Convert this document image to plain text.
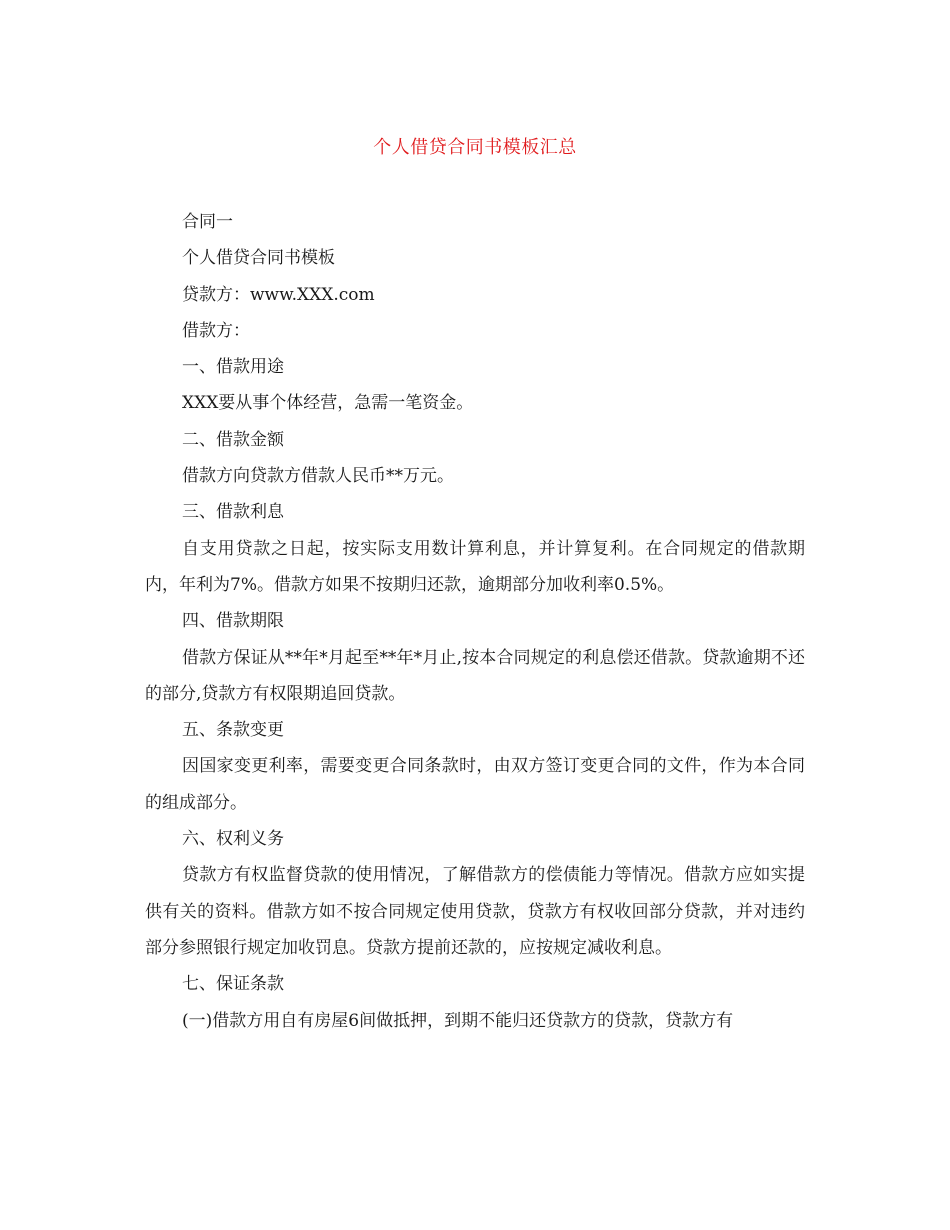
个人借贷合同书模板汇总

合同一

个人借贷合同书模板

贷款方：www.XXX.com

借款方：

一、借款用途

XXX要从事个体经营，急需一笔资金。

二、借款金额

借款方向贷款方借款人民币**万元。

三、借款利息

自支用贷款之日起，按实际支用数计算利息，并计算复利。在合同规定的借款期内，年利为7%。借款方如果不按期归还款，逾期部分加收利率0.5%。

四、借款期限

借款方保证从**年*月起至**年*月止,按本合同规定的利息偿还借款。贷款逾期不还的部分,贷款方有权限期追回贷款。

五、条款变更

因国家变更利率，需要变更合同条款时，由双方签订变更合同的文件，作为本合同的组成部分。

六、权利义务

贷款方有权监督贷款的使用情况，了解借款方的偿债能力等情况。借款方应如实提供有关的资料。借款方如不按合同规定使用贷款，贷款方有权收回部分贷款，并对违约部分参照银行规定加收罚息。贷款方提前还款的，应按规定减收利息。

七、保证条款

(一)借款方用自有房屋6间做抵押，到期不能归还贷款方的贷款，贷款方有
